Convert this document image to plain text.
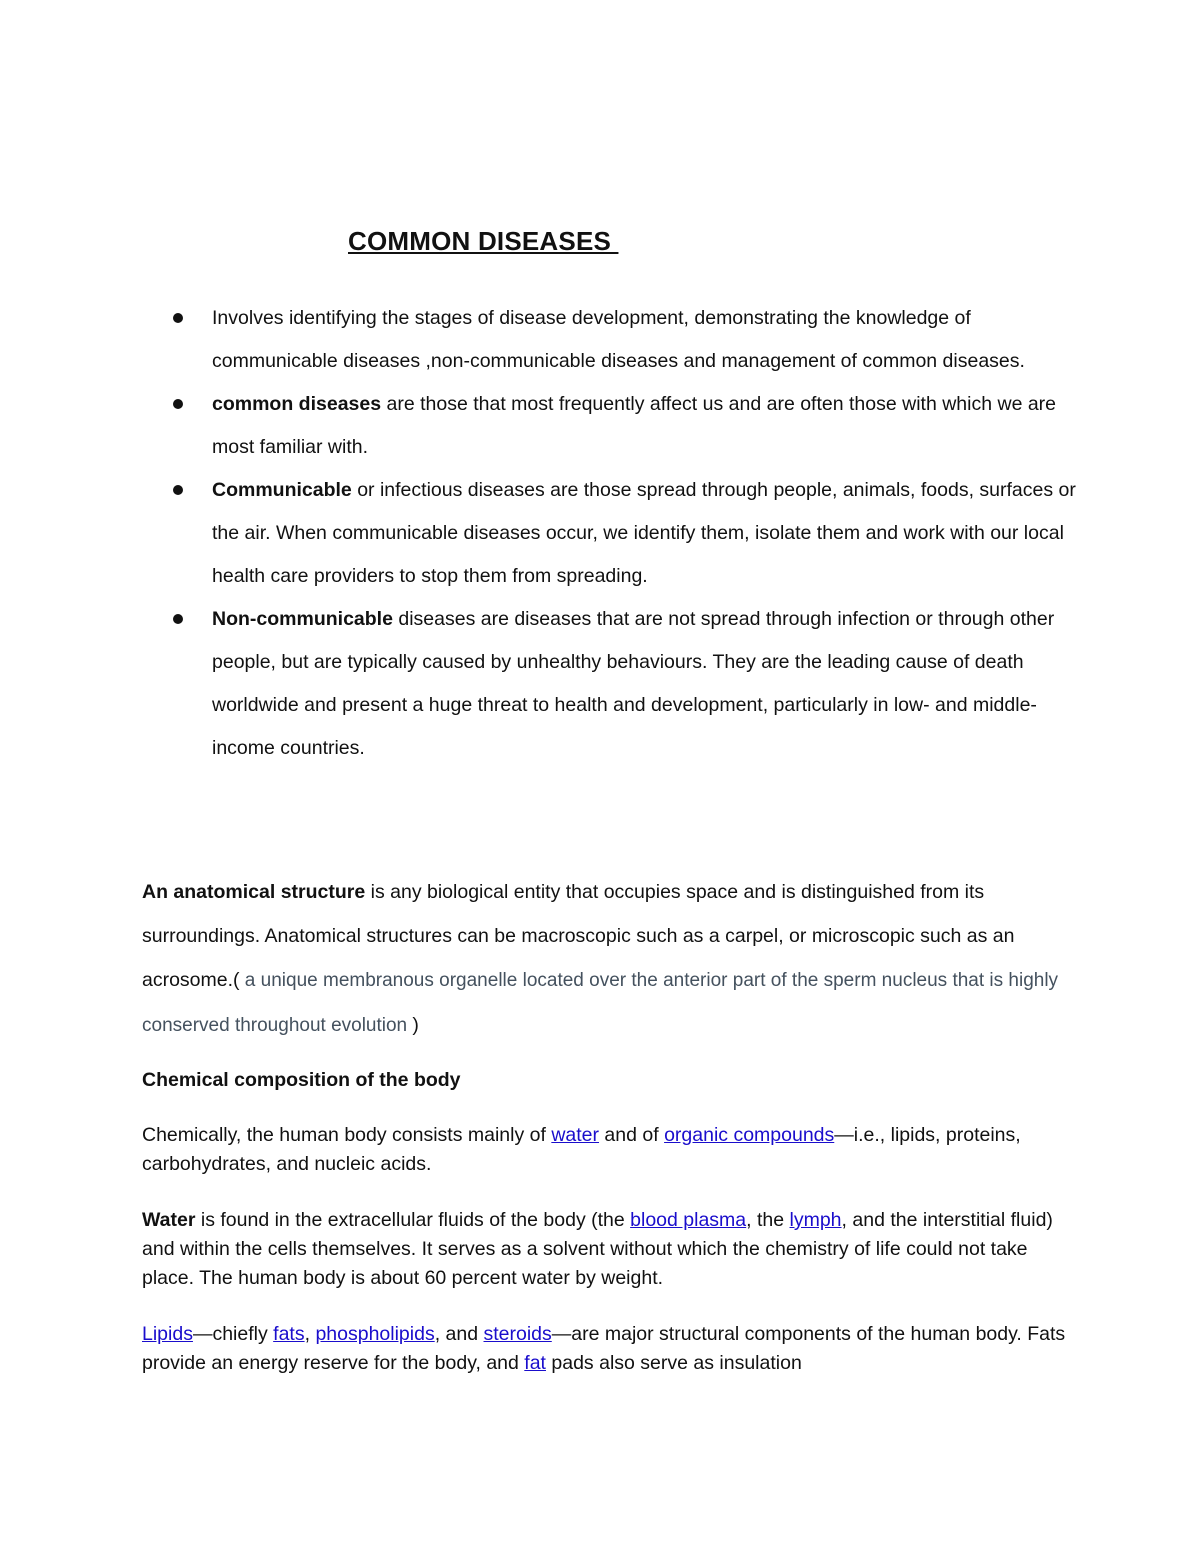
COMMON DISEASES
Involves identifying the stages of disease development, demonstrating the knowledge of communicable diseases ,non-communicable diseases and management of common diseases.
common diseases are those that most frequently affect us and are often those with which we are most familiar with.
Communicable or infectious diseases are those spread through people, animals, foods, surfaces or the air. When communicable diseases occur, we identify them, isolate them and work with our local health care providers to stop them from spreading.
Non-communicable diseases are diseases that are not spread through infection or through other people, but are typically caused by unhealthy behaviours. They are the leading cause of death worldwide and present a huge threat to health and development, particularly in low- and middle-income countries.

An anatomical structure is any biological entity that occupies space and is distinguished from its surroundings. Anatomical structures can be macroscopic such as a carpel, or microscopic such as an acrosome.( a unique membranous organelle located over the anterior part of the sperm nucleus that is highly conserved throughout evolution )

Chemical composition of the body

Chemically, the human body consists mainly of water and of organic compounds—i.e., lipids, proteins, carbohydrates, and nucleic acids.

Water is found in the extracellular fluids of the body (the blood plasma, the lymph, and the interstitial fluid) and within the cells themselves. It serves as a solvent without which the chemistry of life could not take place. The human body is about 60 percent water by weight.

Lipids—chiefly fats, phospholipids, and steroids—are major structural components of the human body. Fats provide an energy reserve for the body, and fat pads also serve as insulation
